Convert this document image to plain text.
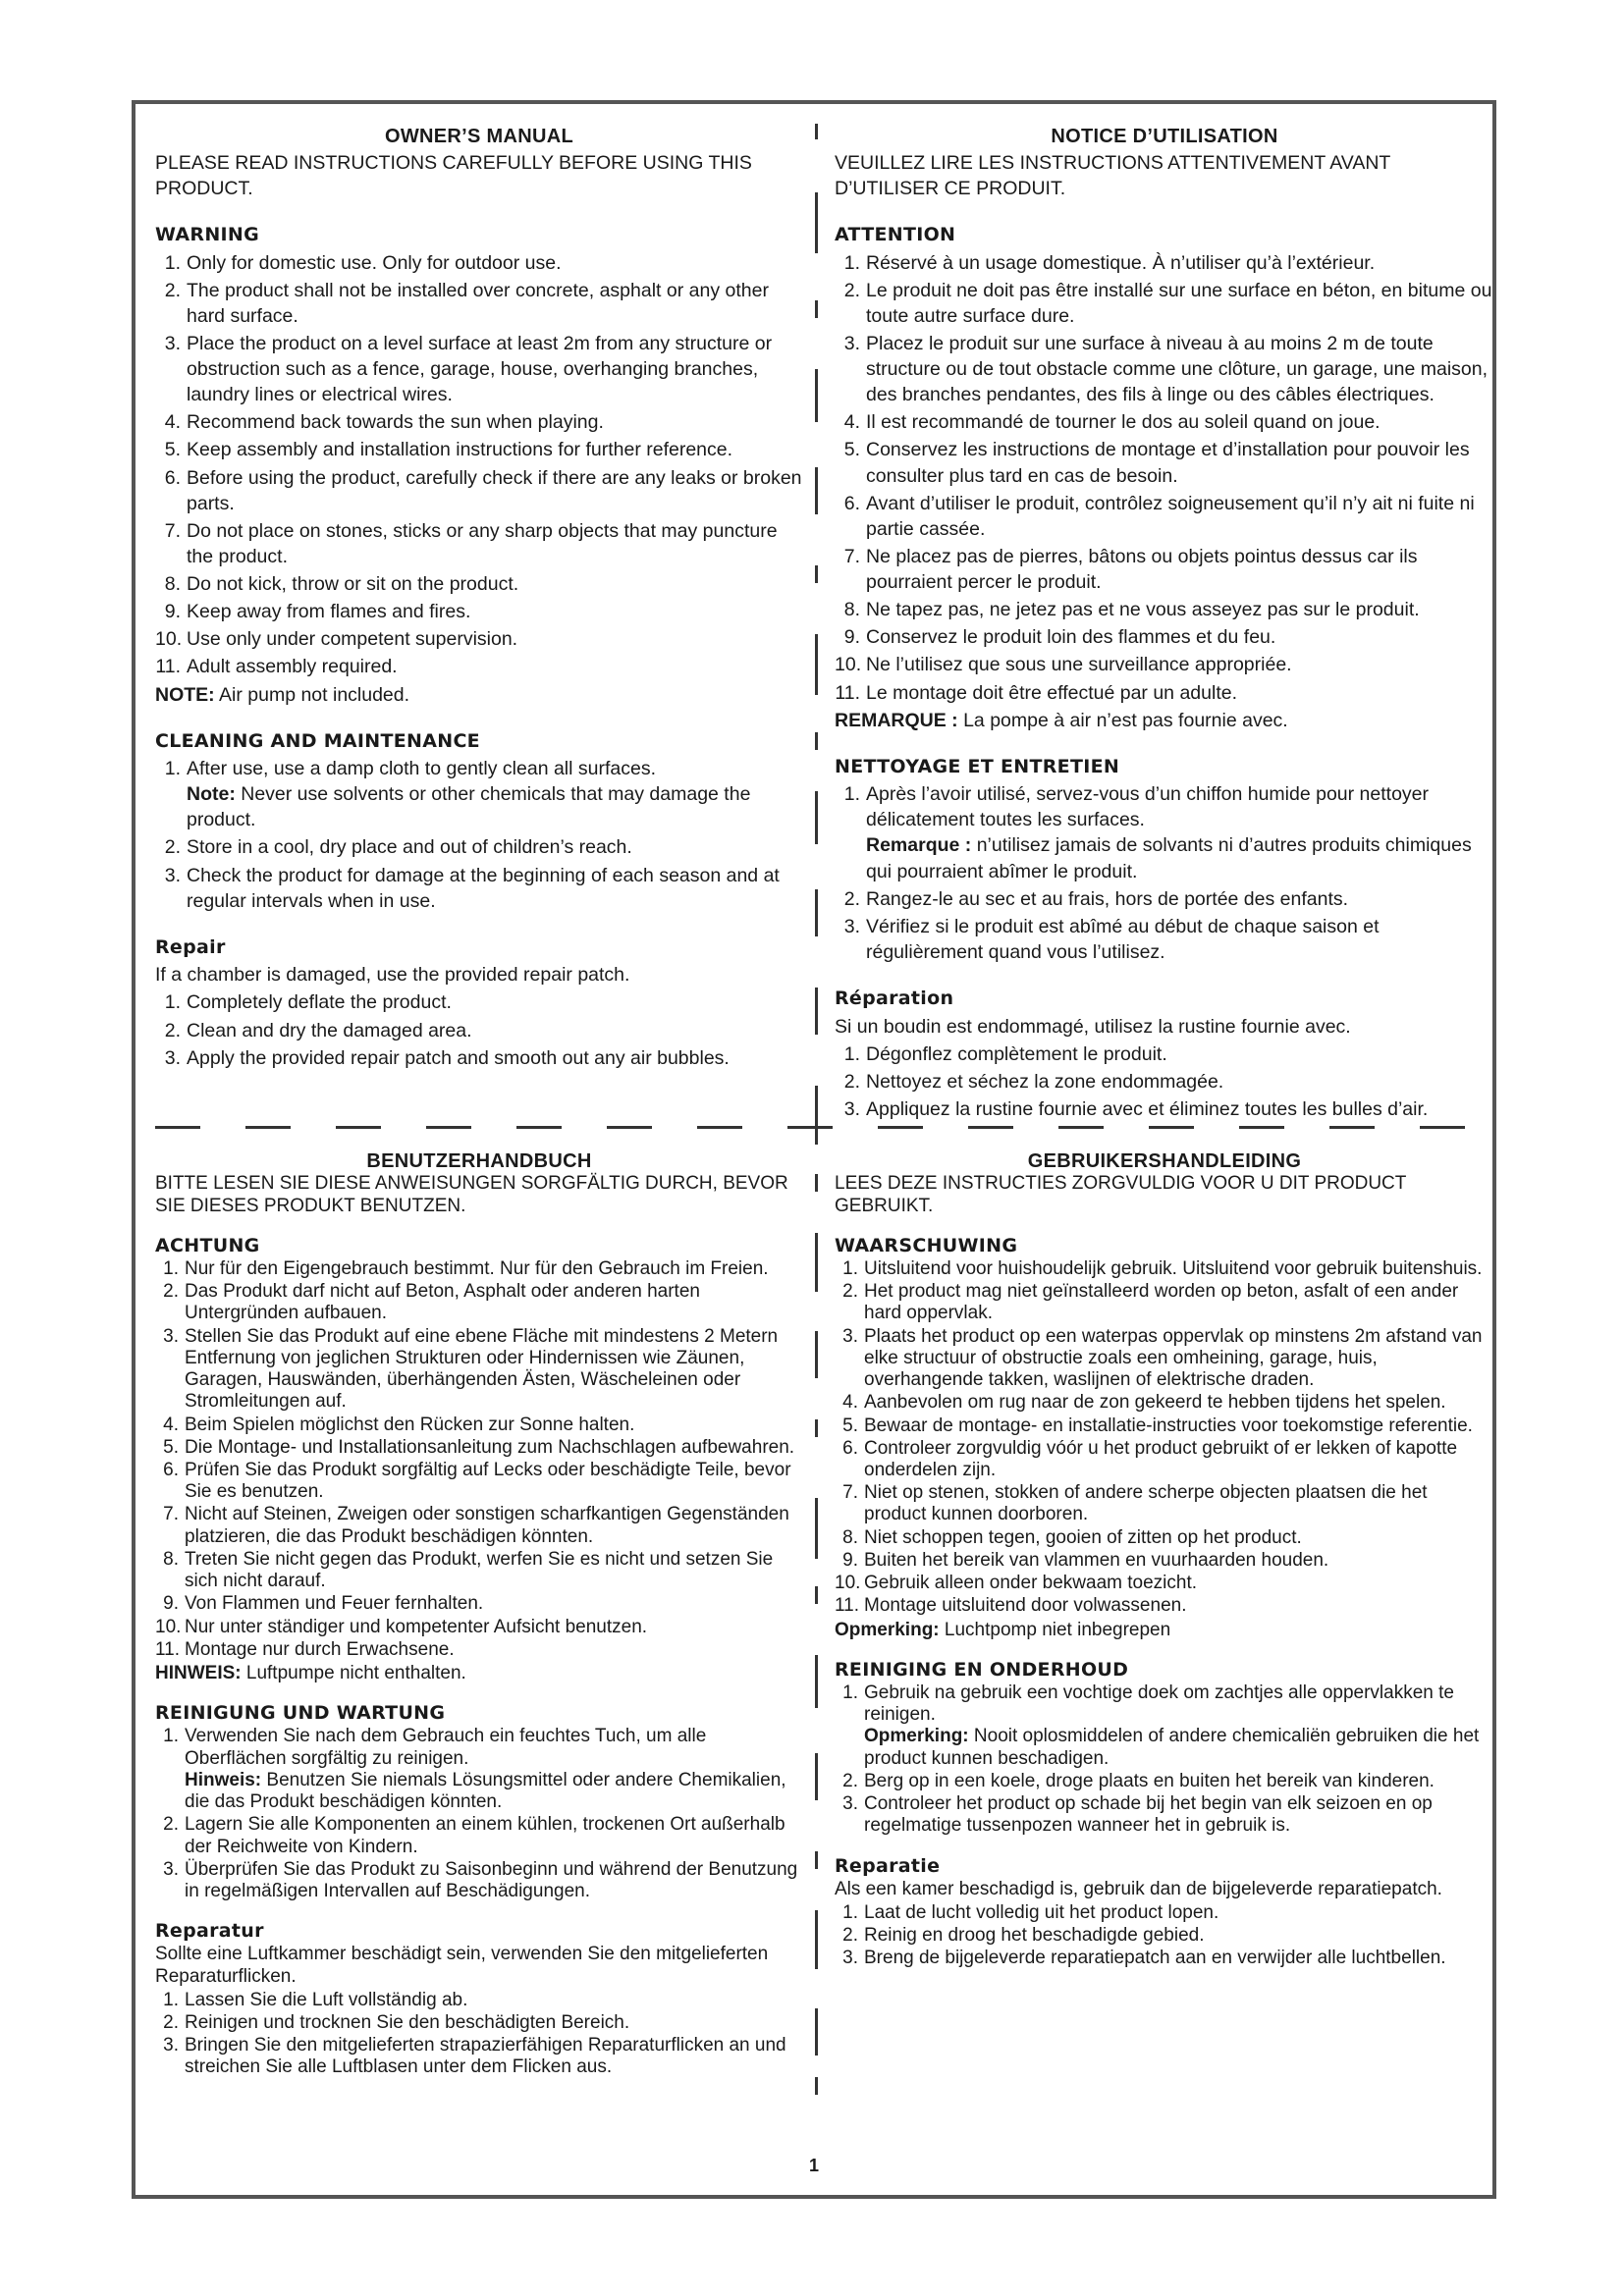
OWNER’S MANUAL

PLEASE READ INSTRUCTIONS CAREFULLY BEFORE USING THIS PRODUCT.

WARNING
1. Only for domestic use. Only for outdoor use.
2. The product shall not be installed over concrete, asphalt or any other hard surface.
3. Place the product on a level surface at least 2m from any structure or obstruction such as a fence, garage, house, overhanging branches, laundry lines or electrical wires.
4. Recommend back towards the sun when playing.
5. Keep assembly and installation instructions for further reference.
6. Before using the product, carefully check if there are any leaks or broken parts.
7. Do not place on stones, sticks or any sharp objects that may puncture the product.
8. Do not kick, throw or sit on the product.
9. Keep away from flames and fires.
10. Use only under competent supervision.
11. Adult assembly required.
NOTE: Air pump not included.
CLEANING AND MAINTENANCE
1. After use, use a damp cloth to gently clean all surfaces.
Note: Never use solvents or other chemicals that may damage the product.
2. Store in a cool, dry place and out of children’s reach.
3. Check the product for damage at the beginning of each season and at regular intervals when in use.
Repair
If a chamber is damaged, use the provided repair patch.
1. Completely deflate the product.
2. Clean and dry the damaged area.
3. Apply the provided repair patch and smooth out any air bubbles.
NOTICE D’UTILISATION

VEUILLEZ LIRE LES INSTRUCTIONS ATTENTIVEMENT AVANT D’UTILISER CE PRODUIT.

ATTENTION
1. Réservé à un usage domestique. À n’utiliser qu’à l’extérieur.
2. Le produit ne doit pas être installé sur une surface en béton, en bitume ou toute autre surface dure.
3. Placez le produit sur une surface à niveau à au moins 2 m de toute structure ou de tout obstacle comme une clôture, un garage, une maison, des branches pendantes, des fils à linge ou des câbles électriques.
4. Il est recommandé de tourner le dos au soleil quand on joue.
5. Conservez les instructions de montage et d’installation pour pouvoir les consulter plus tard en cas de besoin.
6. Avant d’utiliser le produit, contrôlez soigneusement qu’il n’y ait ni fuite ni partie cassée.
7. Ne placez pas de pierres, bâtons ou objets pointus dessus car ils pourraient percer le produit.
8. Ne tapez pas, ne jetez pas et ne vous asseyez pas sur le produit.
9. Conservez le produit loin des flammes et du feu.
10. Ne l’utilisez que sous une surveillance appropriée.
11. Le montage doit être effectué par un adulte.
REMARQUE : La pompe à air n’est pas fournie avec.
NETTOYAGE ET ENTRETIEN
1. Après l’avoir utilisé, servez-vous d’un chiffon humide pour nettoyer délicatement toutes les surfaces.
Remarque : n’utilisez jamais de solvants ni d’autres produits chimiques qui pourraient abîmer le produit.
2. Rangez-le au sec et au frais, hors de portée des enfants.
3. Vérifiez si le produit est abîmé au début de chaque saison et régulièrement quand vous l’utilisez.
Réparation
Si un boudin est endommagé, utilisez la rustine fournie avec.
1. Dégonflez complètement le produit.
2. Nettoyez et séchez la zone endommagée.
3. Appliquez la rustine fournie avec et éliminez toutes les bulles d’air.
BENUTZERHANDBUCH

BITTE LESEN SIE DIESE ANWEISUNGEN SORGFÄLTIG DURCH, BEVOR SIE DIESES PRODUKT BENUTZEN.

ACHTUNG
1. Nur für den Eigengebrauch bestimmt. Nur für den Gebrauch im Freien.
2. Das Produkt darf nicht auf Beton, Asphalt oder anderen harten Untergründen aufbauen.
3. Stellen Sie das Produkt auf eine ebene Fläche mit mindestens 2 Metern Entfernung von jeglichen Strukturen oder Hindernissen wie Zäunen, Garagen, Hauswänden, überhängenden Ästen, Wäscheleinen oder Stromleitungen auf.
4. Beim Spielen möglichst den Rücken zur Sonne halten.
5. Die Montage- und Installationsanleitung zum Nachschlagen aufbewahren.
6. Prüfen Sie das Produkt sorgfältig auf Lecks oder beschädigte Teile, bevor Sie es benutzen.
7. Nicht auf Steinen, Zweigen oder sonstigen scharfkantigen Gegenständen platzieren, die das Produkt beschädigen könnten.
8. Treten Sie nicht gegen das Produkt, werfen Sie es nicht und setzen Sie sich nicht darauf.
9. Von Flammen und Feuer fernhalten.
10. Nur unter ständiger und kompetenter Aufsicht benutzen.
11. Montage nur durch Erwachsene.
HINWEIS: Luftpumpe nicht enthalten.
REINIGUNG UND WARTUNG
1. Verwenden Sie nach dem Gebrauch ein feuchtes Tuch, um alle Oberflächen sorgfältig zu reinigen.
Hinweis: Benutzen Sie niemals Lösungsmittel oder andere Chemikalien, die das Produkt beschädigen könnten.
2. Lagern Sie alle Komponenten an einem kühlen, trockenen Ort außerhalb der Reichweite von Kindern.
3. Überprüfen Sie das Produkt zu Saisonbeginn und während der Benutzung in regelmäßigen Intervallen auf Beschädigungen.
Reparatur
Sollte eine Luftkammer beschädigt sein, verwenden Sie den mitgelieferten Reparaturflicken.
1. Lassen Sie die Luft vollständig ab.
2. Reinigen und trocknen Sie den beschädigten Bereich.
3. Bringen Sie den mitgelieferten strapazierfähigen Reparaturflicken an und streichen Sie alle Luftblasen unter dem Flicken aus.
GEBRUIKERSHANDLEIDING

LEES DEZE INSTRUCTIES ZORGVULDIG VOOR U DIT PRODUCT GEBRUIKT.

WAARSCHUWING
1. Uitsluitend voor huishoudelijk gebruik. Uitsluitend voor gebruik buitenshuis.
2. Het product mag niet geïnstalleerd worden op beton, asfalt of een ander hard oppervlak.
3. Plaats het product op een waterpas oppervlak op minstens 2m afstand van elke structuur of obstructie zoals een omheining, garage, huis, overhangende takken, waslijnen of elektrische draden.
4. Aanbevolen om rug naar de zon gekeerd te hebben tijdens het spelen.
5. Bewaar de montage- en installatie-instructies voor toekomstige referentie.
6. Controleer zorgvuldig vóór u het product gebruikt of er lekken of kapotte onderdelen zijn.
7. Niet op stenen, stokken of andere scherpe objecten plaatsen die het product kunnen doorboren.
8. Niet schoppen tegen, gooien of zitten op het product.
9. Buiten het bereik van vlammen en vuurhaarden houden.
10. Gebruik alleen onder bekwaam toezicht.
11. Montage uitsluitend door volwassenen.
Opmerking: Luchtpomp niet inbegrepen
REINIGING EN ONDERHOUD
1. Gebruik na gebruik een vochtige doek om zachtjes alle oppervlakken te reinigen.
Opmerking: Nooit oplosmiddelen of andere chemicaliën gebruiken die het product kunnen beschadigen.
2. Berg op in een koele, droge plaats en buiten het bereik van kinderen.
3. Controleer het product op schade bij het begin van elk seizoen en op regelmatige tussenpozen wanneer het in gebruik is.
Reparatie
Als een kamer beschadigd is, gebruik dan de bijgeleverde reparatiepatch.
1. Laat de lucht volledig uit het product lopen.
2. Reinig en droog het beschadigde gebied.
3. Breng de bijgeleverde reparatiepatch aan en verwijder alle luchtbellen.
1
